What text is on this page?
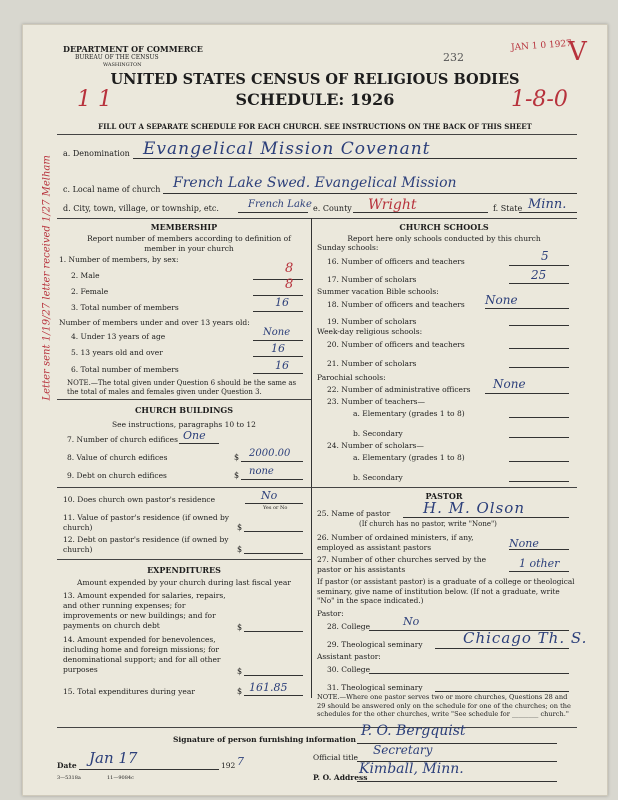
DEPARTMENT OF COMMERCE
BUREAU OF THE CENSUS
WASHINGTON
232
JAN 1 0 1927
V
UNITED STATES CENSUS OF RELIGIOUS BODIES
SCHEDULE: 1926
1 1	1-8-0
FILL OUT A SEPARATE SCHEDULE FOR EACH CHURCH. SEE INSTRUCTIONS ON THE BACK OF THIS SHEET
a. Denomination Evangelical Mission Covenant
c. Local name of church French Lake Swed. Evangelical Mission
d. City, town, village, or township, etc.	French Lake e. County Wright	f. State Minn.
MEMBERSHIP
Report number of members according to definition of member in your church
1. Number of members, by sex:
2. Male	8
2. Female	8
3. Total number of members	16
Number of members under and over 13 years old:
4. Under 13 years of age	None
5. 13 years old and over	16
6. Total number of members	16
NOTE.—The total given under Question 6 should be the same as the total of males and females given under Question 3.
CHURCH BUILDINGS
See instructions, paragraphs 10 to 12
7. Number of church edifices One
8. Value of church edifices	$ 2000.00
9. Debt on church edifices	$ none
10. Does church own pastor's residence	No
Yes or No
11. Value of pastor's residence (if owned by church)	$
12. Debt on pastor's residence (if owned by church)	$
EXPENDITURES
Amount expended by your church during last fiscal year
13. Amount expended for salaries, repairs, and other running expenses; for improvements or new buildings; and for payments on church debt	$
14. Amount expended for benevolences, including home and foreign missions; for denominational support; and for all other purposes	$
15. Total expenditures during year	$ 161.85
CHURCH SCHOOLS
Report here only schools conducted by this church
Sunday schools:
16. Number of officers and teachers	5
17. Number of scholars	25
Summer vacation Bible schools:
18. Number of officers and teachers None
19. Number of scholars
Week-day religious schools:
20. Number of officers and teachers
21. Number of scholars
Parochial schools:
22. Number of administrative officers None
23. Number of teachers—
a. Elementary (grades 1 to 8)
b. Secondary
24. Number of scholars—
a. Elementary (grades 1 to 8)
b. Secondary
PASTOR
25. Name of pastor H. M. Olson
(If church has no pastor, write "None")
26. Number of ordained ministers, if any, employed as assistant pastors	None
27. Number of other churches served by the pastor or his assistants	1 other
If pastor (or assistant pastor) is a graduate of a college or theological seminary, give name of institution below. (If not a graduate, write "No" in the space indicated.)
Pastor:
28. College	No
29. Theological seminary	Chicago Th. S.
Assistant pastor:
30. College
31. Theological seminary
NOTE.—Where one pastor serves two or more churches, Questions 28 and 29 should be answered only on the schedule for one of the churches; on the schedules for the other churches, write "See schedule for ________ church."
Signature of person furnishing information
P. O. Bergquist
Official title
Secretary
P. O. Address
Kimball, Minn.
Date Jan 17	192 7
3—5318a	11—9084c
Letter sent 1/19/27 letter received 1/27 Melham
